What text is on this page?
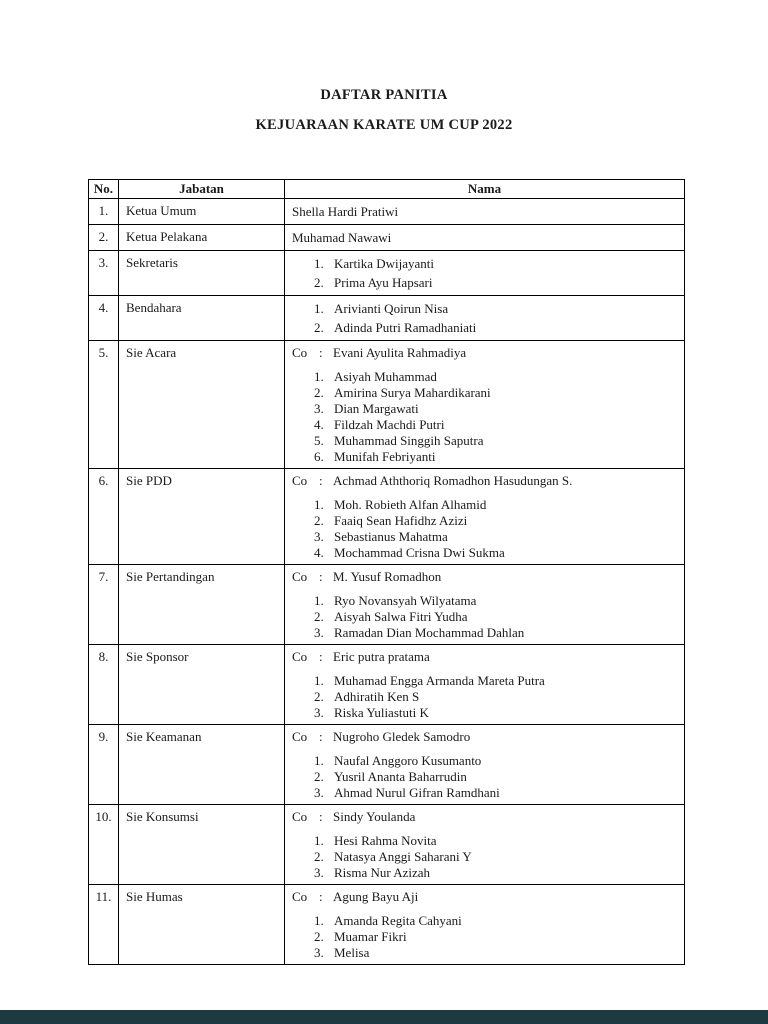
DAFTAR PANITIA
KEJUARAAN KARATE UM CUP 2022
No.	Jabatan	Nama
1.	Ketua Umum	Shella Hardi Pratiwi

2.	Ketua Pelakana	Muhamad Nawawi

3.	Sekretaris	1. Kartika Dwijayanti
2. Prima Ayu Hapsari

4.	Bendahara	1. Arivianti Qoirun Nisa
2. Adinda Putri Ramadhaniati

5.	Sie Acara	Co : Evani Ayulita Rahmadiya
1. Asiyah Muhammad
2. Amirina Surya Mahardikarani
3. Dian Margawati
4. Fildzah Machdi Putri
5. Muhammad Singgih Saputra
6. Munifah Febriyanti

6.	Sie PDD	Co : Achmad Aththoriq Romadhon Hasudungan S.
1. Moh. Robieth Alfan Alhamid
2. Faaiq Sean Hafidhz Azizi
3. Sebastianus Mahatma
4. Mochammad Crisna Dwi Sukma

7.	Sie Pertandingan	Co : M. Yusuf Romadhon
1. Ryo Novansyah Wilyatama
2. Aisyah Salwa Fitri Yudha
3. Ramadan Dian Mochammad Dahlan

8.	Sie Sponsor	Co : Eric putra pratama
1. Muhamad Engga Armanda Mareta Putra
2. Adhiratih Ken S
3. Riska Yuliastuti K

9.	Sie Keamanan	Co : Nugroho Gledek Samodro
1. Naufal Anggoro Kusumanto
2. Yusril Ananta Baharrudin
3. Ahmad Nurul Gifran Ramdhani

10.	Sie Konsumsi	Co : Sindy Youlanda
1. Hesi Rahma Novita
2. Natasya Anggi Saharani Y
3. Risma Nur Azizah

11.	Sie Humas	Co : Agung Bayu Aji
1. Amanda Regita Cahyani
2. Muamar Fikri
3. Melisa
